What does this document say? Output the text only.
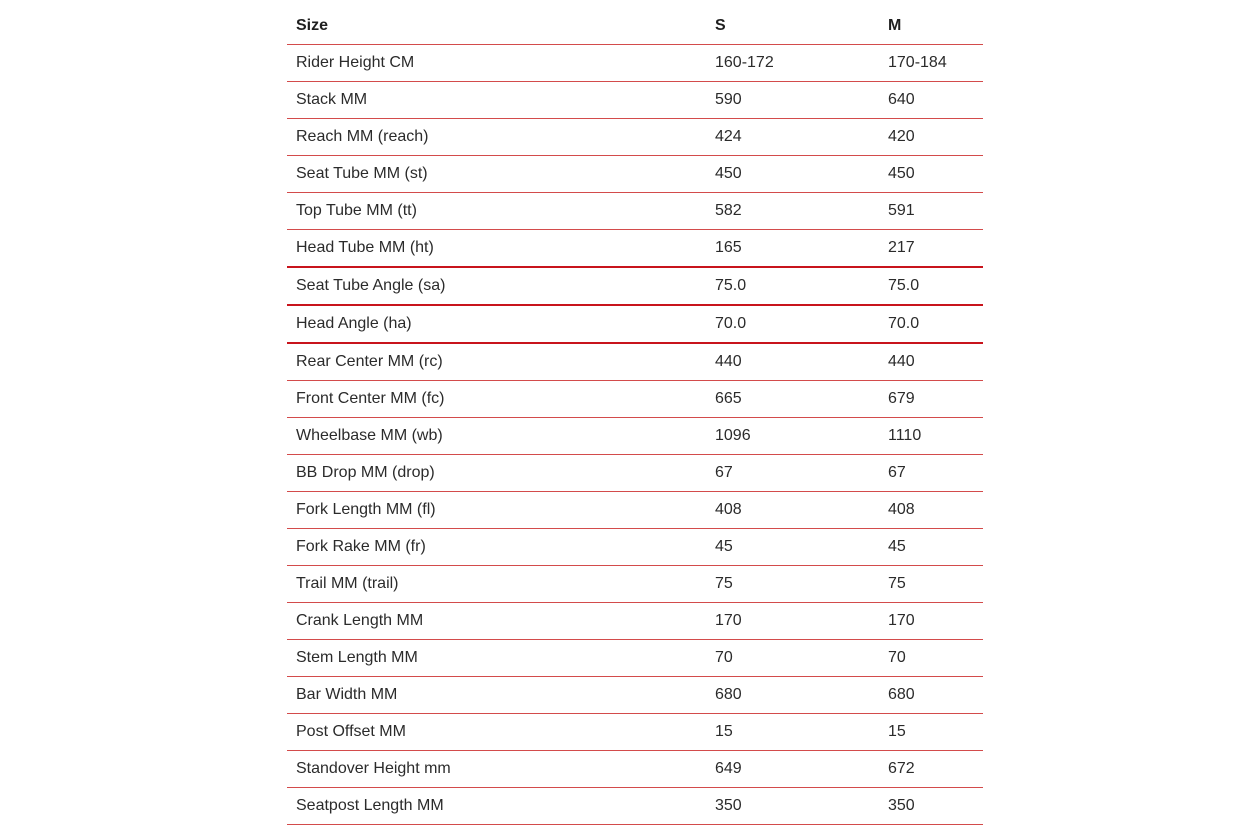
Size	S	M
Rider Height CM	160-172	170-184
Stack MM	590	640
Reach MM (reach)	424	420
Seat Tube MM (st)	450	450
Top Tube MM (tt)	582	591
Head Tube MM (ht)	165	217
Seat Tube Angle (sa)	75.0	75.0
Head Angle (ha)	70.0	70.0
Rear Center MM (rc)	440	440
Front Center MM (fc)	665	679
Wheelbase MM (wb)	1096	1110
BB Drop MM (drop)	67	67
Fork Length MM (fl)	408	408
Fork Rake MM (fr)	45	45
Trail MM (trail)	75	75
Crank Length MM	170	170
Stem Length MM	70	70
Bar Width MM	680	680
Post Offset MM	15	15
Standover Height mm	649	672
Seatpost Length MM	350	350
